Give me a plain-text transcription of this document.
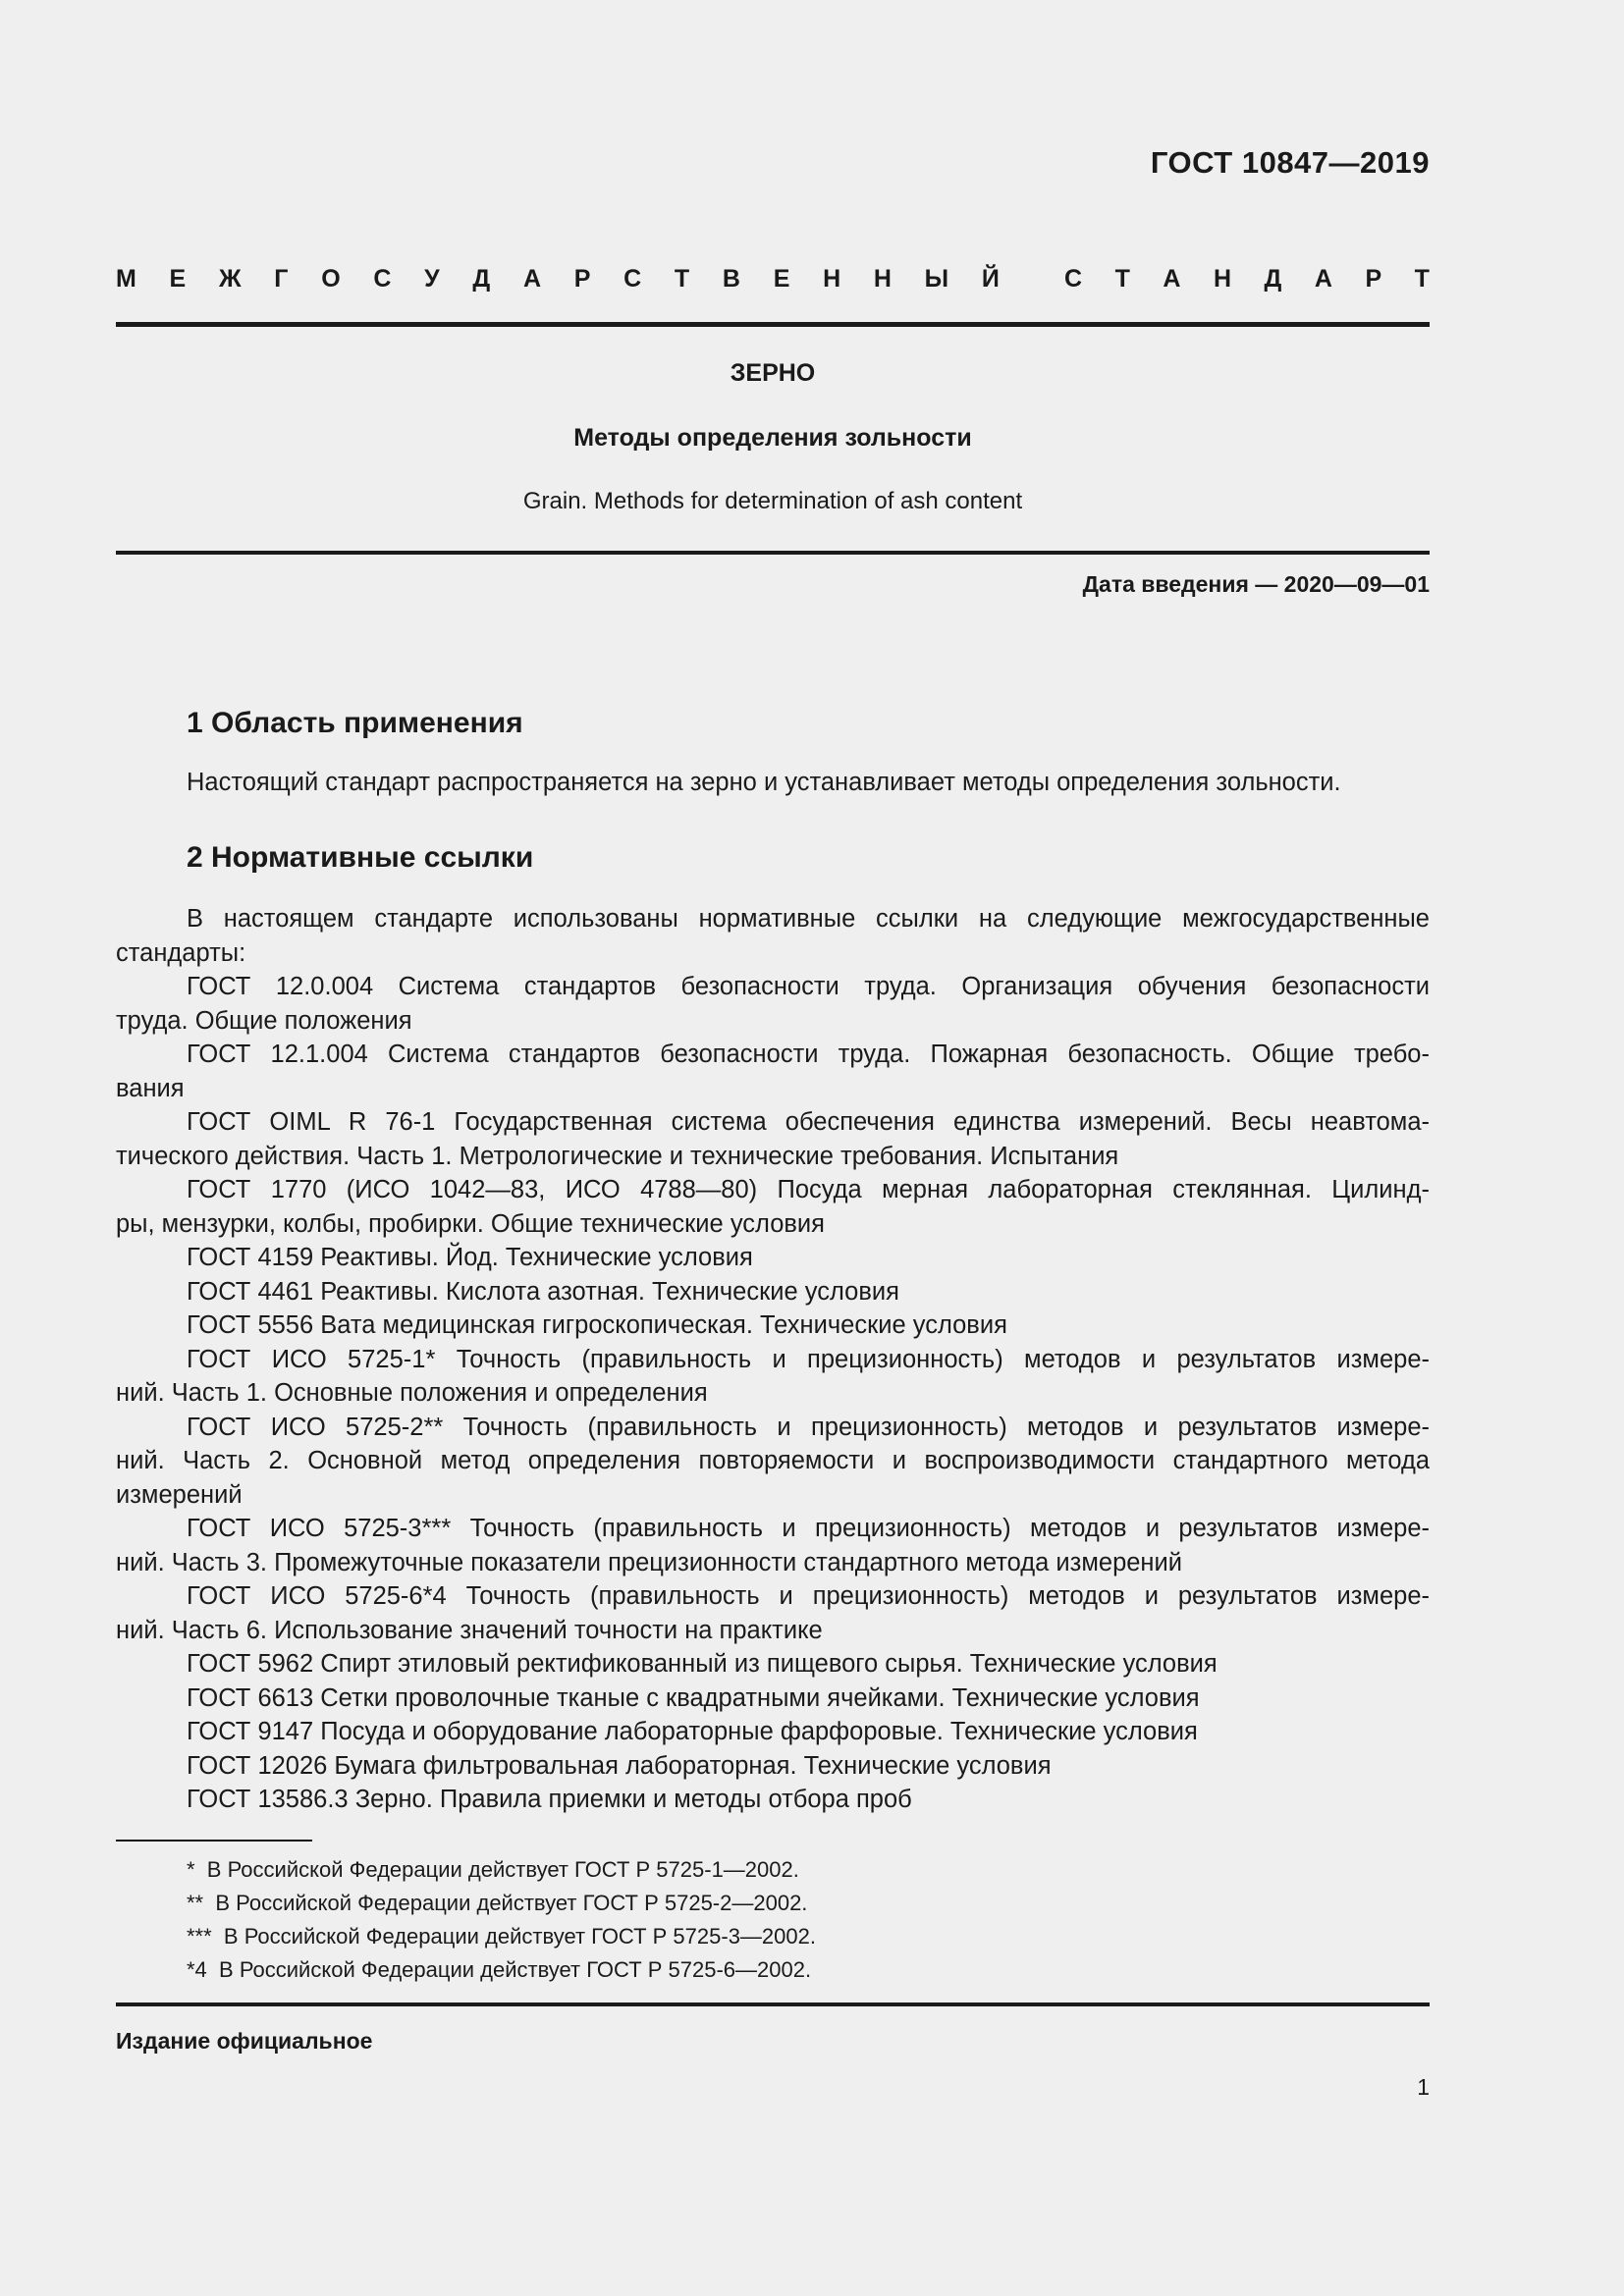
ГОСТ 10847—2019
М Е Ж Г О С У Д А Р С Т В Е Н Н Ы Й	С Т А Н Д А Р Т
ЗЕРНО
Методы определения зольности
Grain. Methods for determination of ash content
Дата введения — 2020—09—01
1 Область применения
Настоящий стандарт распространяется на зерно и устанавливает методы определения зольности.
2 Нормативные ссылки
В настоящем стандарте использованы нормативные ссылки на следующие межгосударственные
стандарты:
ГОСТ 12.0.004 Система стандартов безопасности труда. Организация обучения безопасности
труда. Общие положения
ГОСТ 12.1.004 Система стандартов безопасности труда. Пожарная безопасность. Общие требо-
вания
ГОСТ OIML R 76-1 Государственная система обеспечения единства измерений. Весы неавтома-
тического действия. Часть 1. Метрологические и технические требования. Испытания
ГОСТ 1770 (ИСО 1042—83, ИСО 4788—80) Посуда мерная лабораторная стеклянная. Цилинд-
ры, мензурки, колбы, пробирки. Общие технические условия
ГОСТ 4159 Реактивы. Йод. Технические условия
ГОСТ 4461 Реактивы. Кислота азотная. Технические условия
ГОСТ 5556 Вата медицинская гигроскопическая. Технические условия
ГОСТ ИСО 5725-1* Точность (правильность и прецизионность) методов и результатов измере-
ний. Часть 1. Основные положения и определения
ГОСТ ИСО 5725-2** Точность (правильность и прецизионность) методов и результатов измере-
ний. Часть 2. Основной метод определения повторяемости и воспроизводимости стандартного метода
измерений
ГОСТ ИСО 5725-3*** Точность (правильность и прецизионность) методов и результатов измере-
ний. Часть 3. Промежуточные показатели прецизионности стандартного метода измерений
ГОСТ ИСО 5725-6*4 Точность (правильность и прецизионность) методов и результатов измере-
ний. Часть 6. Использование значений точности на практике
ГОСТ 5962 Спирт этиловый ректификованный из пищевого сырья. Технические условия
ГОСТ 6613 Сетки проволочные тканые с квадратными ячейками. Технические условия
ГОСТ 9147 Посуда и оборудование лабораторные фарфоровые. Технические условия
ГОСТ 12026 Бумага фильтровальная лабораторная. Технические условия
ГОСТ 13586.3 Зерно. Правила приемки и методы отбора проб
* В Российской Федерации действует ГОСТ Р 5725-1—2002.
** В Российской Федерации действует ГОСТ Р 5725-2—2002.
*** В Российской Федерации действует ГОСТ Р 5725-3—2002.
*4 В Российской Федерации действует ГОСТ Р 5725-6—2002.
Издание официальное
1
